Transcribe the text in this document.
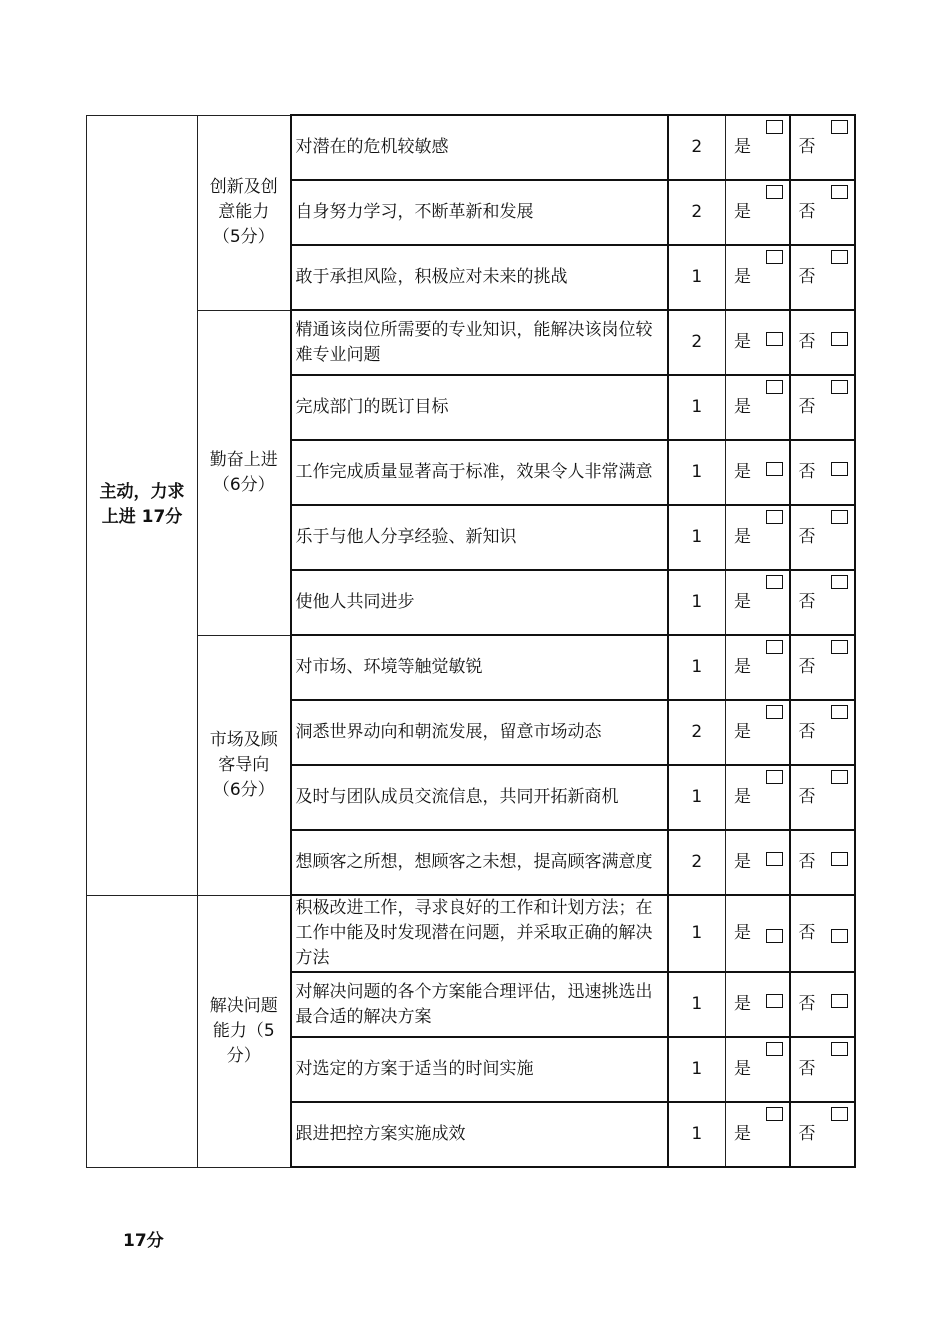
主动，力求上进 17分	创新及创意能力（5分）	对潜在的危机较敏感	2	是	否

		自身努力学习，不断革新和发展	2	是	否

		敢于承担风险，积极应对未来的挑战	1	是	否

	勤奋上进（6分）	精通该岗位所需要的专业知识，能解决该岗位较难专业问题	2	是	否

		完成部门的既订目标	1	是	否

		工作完成质量显著高于标准，效果令人非常满意	1	是	否

		乐于与他人分享经验、新知识	1	是	否

		使他人共同进步	1	是	否

	市场及顾客导向（6分）	对市场、环境等触觉敏锐	1	是	否

		洞悉世界动向和朝流发展，留意市场动态	2	是	否

		及时与团队成员交流信息，共同开拓新商机	1	是	否

		想顾客之所想，想顾客之未想，提高顾客满意度	2	是	否

	解决问题能力（5分）	积极改进工作，寻求良好的工作和计划方法；在工作中能及时发现潜在问题，并采取正确的解决方法	1	是	否

		对解决问题的各个方案能合理评估，迅速挑选出最合适的解决方案	1	是	否

		对选定的方案于适当的时间实施	1	是	否

		跟进把控方案实施成效	1	是	否
17分
